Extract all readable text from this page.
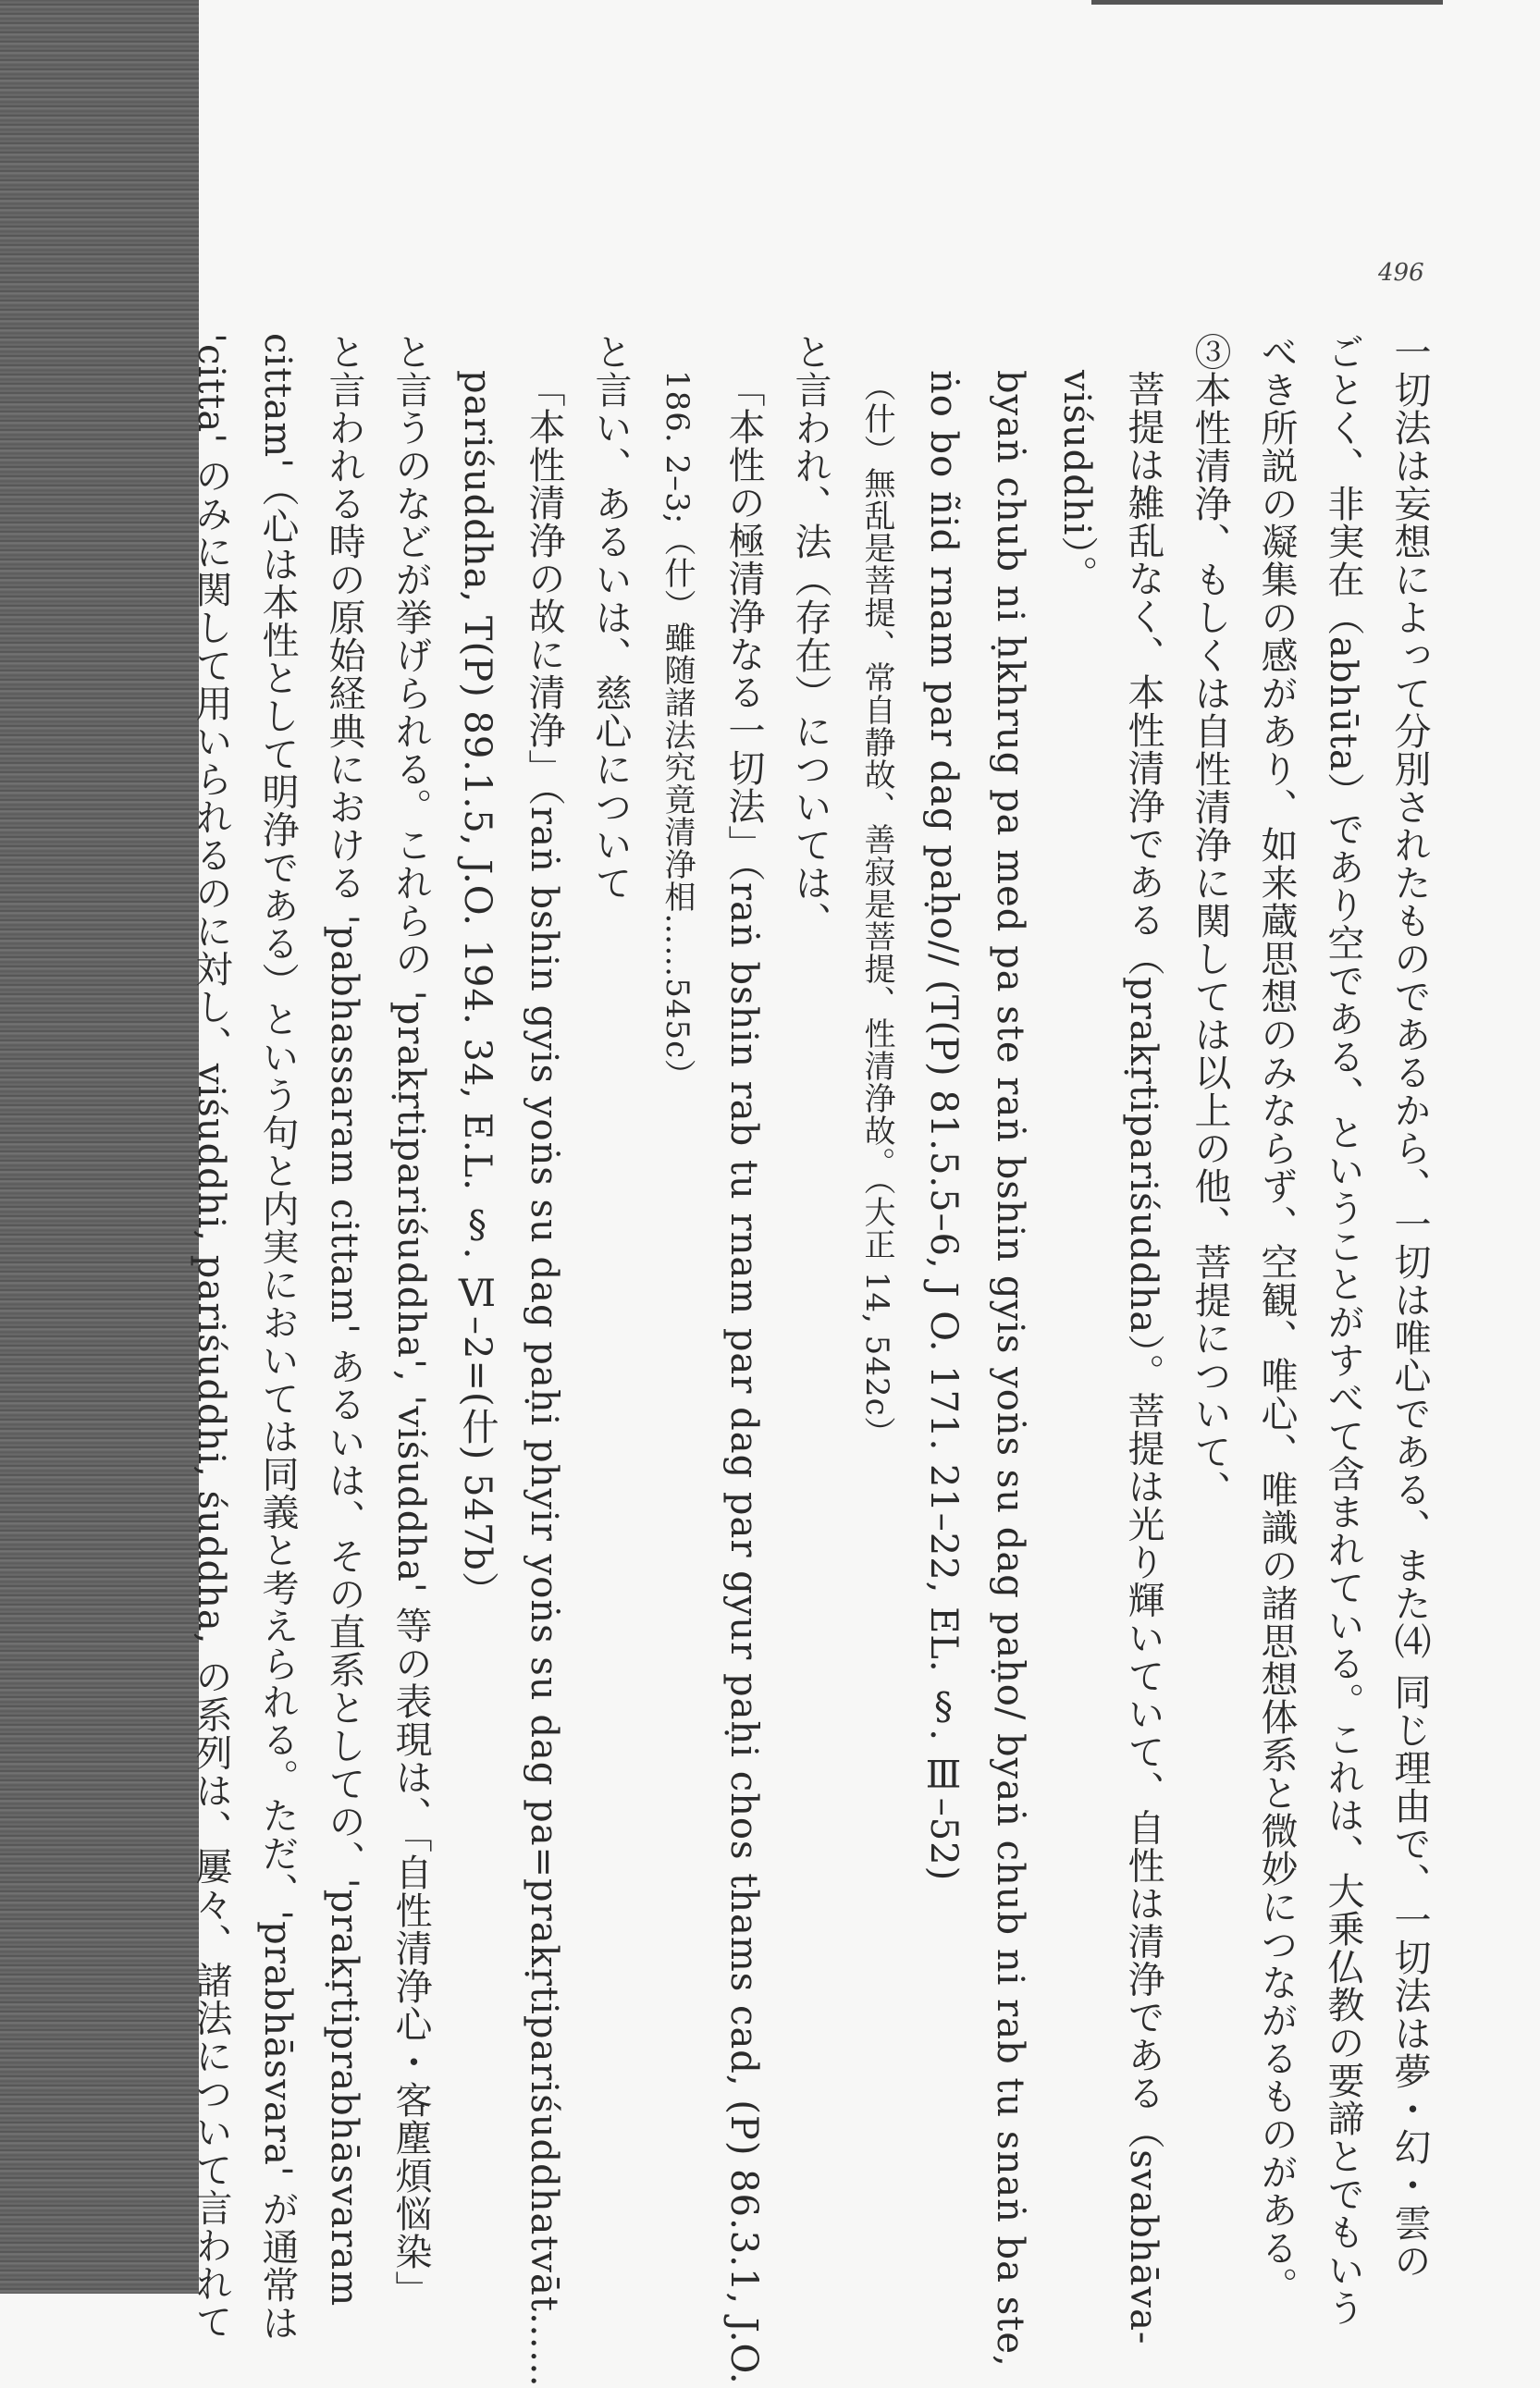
496
一切法は妄想によって分別されたものであるから、一切は唯心である、また⑷ 同じ理由で、一切法は夢・幻・雲の
ごとく、非実在（abhūta）であり空である、ということがすべて含まれている。これは、大乗仏教の要諦とでもいう
べき所説の凝集の感があり、如来蔵思想のみならず、空観、唯心、唯識の諸思想体系と微妙につながるものがある。
③本性清浄、もしくは自性清浄に関しては以上の他、菩提について、
菩提は雑乱なく、本性清浄である（prakṛtipariśuddha）。菩提は光り輝いていて、自性は清浄である（svabhāva-
viśuddhi）。
byaṅ chub ni ḥkhrug pa med pa ste raṅ bshin gyis yoṅs su dag paḥo/ byaṅ chub ni rab tu snaṅ ba ste,
ṅo bo ñid rnam par dag paḥo// (T(P) 81.5.5–6, J O. 171. 21–22, EL. §. Ⅲ–52)
（什）無乱是菩提、常自静故、善寂是菩提、性清浄故。（大正 14, 542c）
と言われ、法（存在）については、
「本性の極清浄なる一切法」（raṅ bshin rab tu rnam par dag par gyur paḥi chos thams cad, (P) 86.3.1, J.O.
186. 2–3;（什）雖随諸法究竟清浄相……545c）
と言い、あるいは、慈心について
「本性清浄の故に清浄」（raṅ bshin gyis yoṅs su dag paḥi phyir yoṅs su dag pa=prakṛtipariśuddhatvāt……
pariśuddha, T(P) 89.1.5, J.O. 194. 34, E.L. §. Ⅵ–2=(什) 547b）
と言うのなどが挙げられる。これらの 'prakṛtipariśuddha', 'viśuddha' 等の表現は、「自性清浄心・客塵煩悩染」
と言われる時の原始経典における 'pabhassaram cittam' あるいは、その直系としての、'prakṛtiprabhāsvaram
cittam'（心は本性として明浄である）という句と内実においては同義と考えられる。ただ、'prabhāsvara' が通常は
'citta' のみに関して用いられるのに対し、viśuddhi, pariśuddhi, śuddha, の系列は、屢々、諸法について言われて
